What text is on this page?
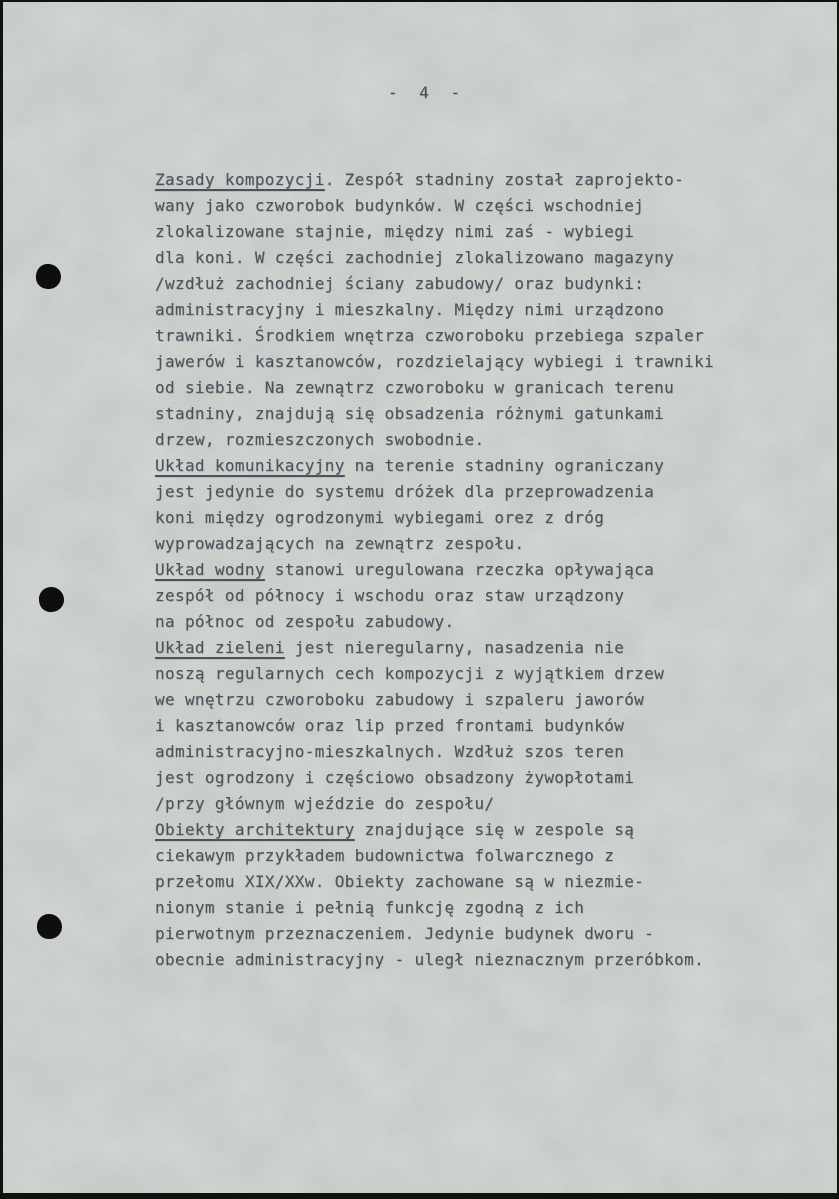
- 4 -
Zasady kompozycji. Zespół stadniny został zaprojekto-
wany jako czworobok budynków. W części wschodniej
zlokalizowane stajnie, między nimi zaś - wybiegi
dla koni. W części zachodniej zlokalizowano magazyny
/wzdłuż zachodniej ściany zabudowy/ oraz budynki:
administracyjny i mieszkalny. Między nimi urządzono
trawniki. Środkiem wnętrza czworoboku przebiega szpaler
jawerów i kasztanowców, rozdzielający wybiegi i trawniki
od siebie. Na zewnątrz czworoboku w granicach terenu
stadniny, znajdują się obsadzenia różnymi gatunkami
drzew, rozmieszczonych swobodnie.
Układ komunikacyjny na terenie stadniny ograniczany
jest jedynie do systemu dróżek dla przeprowadzenia
koni między ogrodzonymi wybiegami orez z dróg
wyprowadzających na zewnątrz zespołu.
Układ wodny stanowi uregulowana rzeczka opływająca
zespół od północy i wschodu oraz staw urządzony
na północ od zespołu zabudowy.
Układ zieleni jest nieregularny, nasadzenia nie
noszą regularnych cech kompozycji z wyjątkiem drzew
we wnętrzu czworoboku zabudowy i szpaleru jaworów
i kasztanowców oraz lip przed frontami budynków
administracyjno-mieszkalnych. Wzdłuż szos teren
jest ogrodzony i częściowo obsadzony żywopłotami
/przy głównym wjeździe do zespołu/
Obiekty architektury znajdujące się w zespole są
ciekawym przykładem budownictwa folwarcznego z
przełomu XIX/XXw. Obiekty zachowane są w niezmie-
nionym stanie i pełnią funkcję zgodną z ich
pierwotnym przeznaczeniem. Jedynie budynek dworu -
obecnie administracyjny - uległ nieznacznym przeróbkom.
